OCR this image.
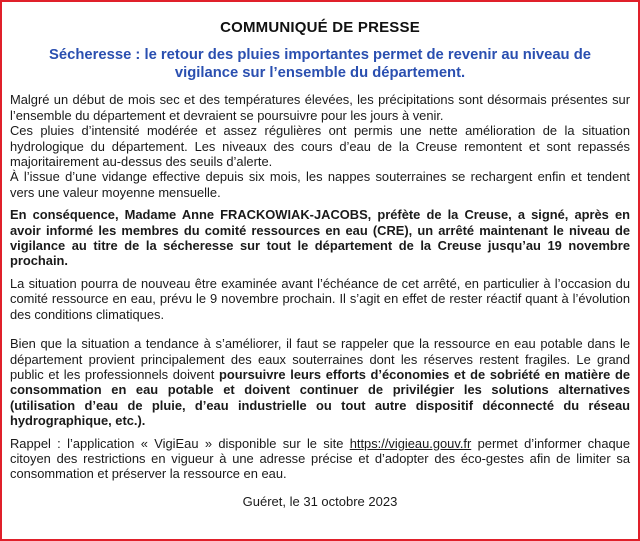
COMMUNIQUÉ DE PRESSE
Sécheresse : le retour des pluies importantes permet de revenir au niveau de
vigilance sur l’ensemble du département.

Malgré un début de mois sec et des températures élevées, les précipitations sont désormais présentes sur l’ensemble du département et devraient se poursuivre pour les jours à venir.

Ces pluies d’intensité modérée et assez régulières ont permis une nette amélioration de la situation hydrologique du département. Les niveaux des cours d’eau de la Creuse remontent et sont repassés majoritairement au-dessus des seuils d’alerte.

À l’issue d’une vidange effective depuis six mois, les nappes souterraines se rechargent enfin et tendent vers une valeur moyenne mensuelle.

En conséquence, Madame Anne FRACKOWIAK-JACOBS, préfète de la Creuse, a signé, après en avoir informé les membres du comité ressources en eau (CRE), un arrêté maintenant le niveau de vigilance au titre de la sécheresse sur tout le département de la Creuse jusqu’au 19 novembre prochain.

La situation pourra de nouveau être examinée avant l’échéance de cet arrêté, en particulier à l’occasion du comité ressource en eau, prévu le 9 novembre prochain. Il s’agit en effet de rester réactif quant à l’évolution des conditions climatiques.

Bien que la situation a tendance à s’améliorer, il faut se rappeler que la ressource en eau potable dans le département provient principalement des eaux souterraines dont les réserves restent fragiles. Le grand public et les professionnels doivent poursuivre leurs efforts d’économies et de sobriété en matière de consommation en eau potable et doivent continuer de privilégier les solutions alternatives (utilisation d’eau de pluie, d’eau industrielle ou tout autre dispositif déconnecté du réseau hydrographique, etc.).

Rappel : l’application « VigiEau » disponible sur le site https://vigieau.gouv.fr permet d’informer chaque citoyen des restrictions en vigueur à une adresse précise et d’adopter des éco-gestes afin de limiter sa consommation et préserver la ressource en eau.

Guéret, le 31 octobre 2023
